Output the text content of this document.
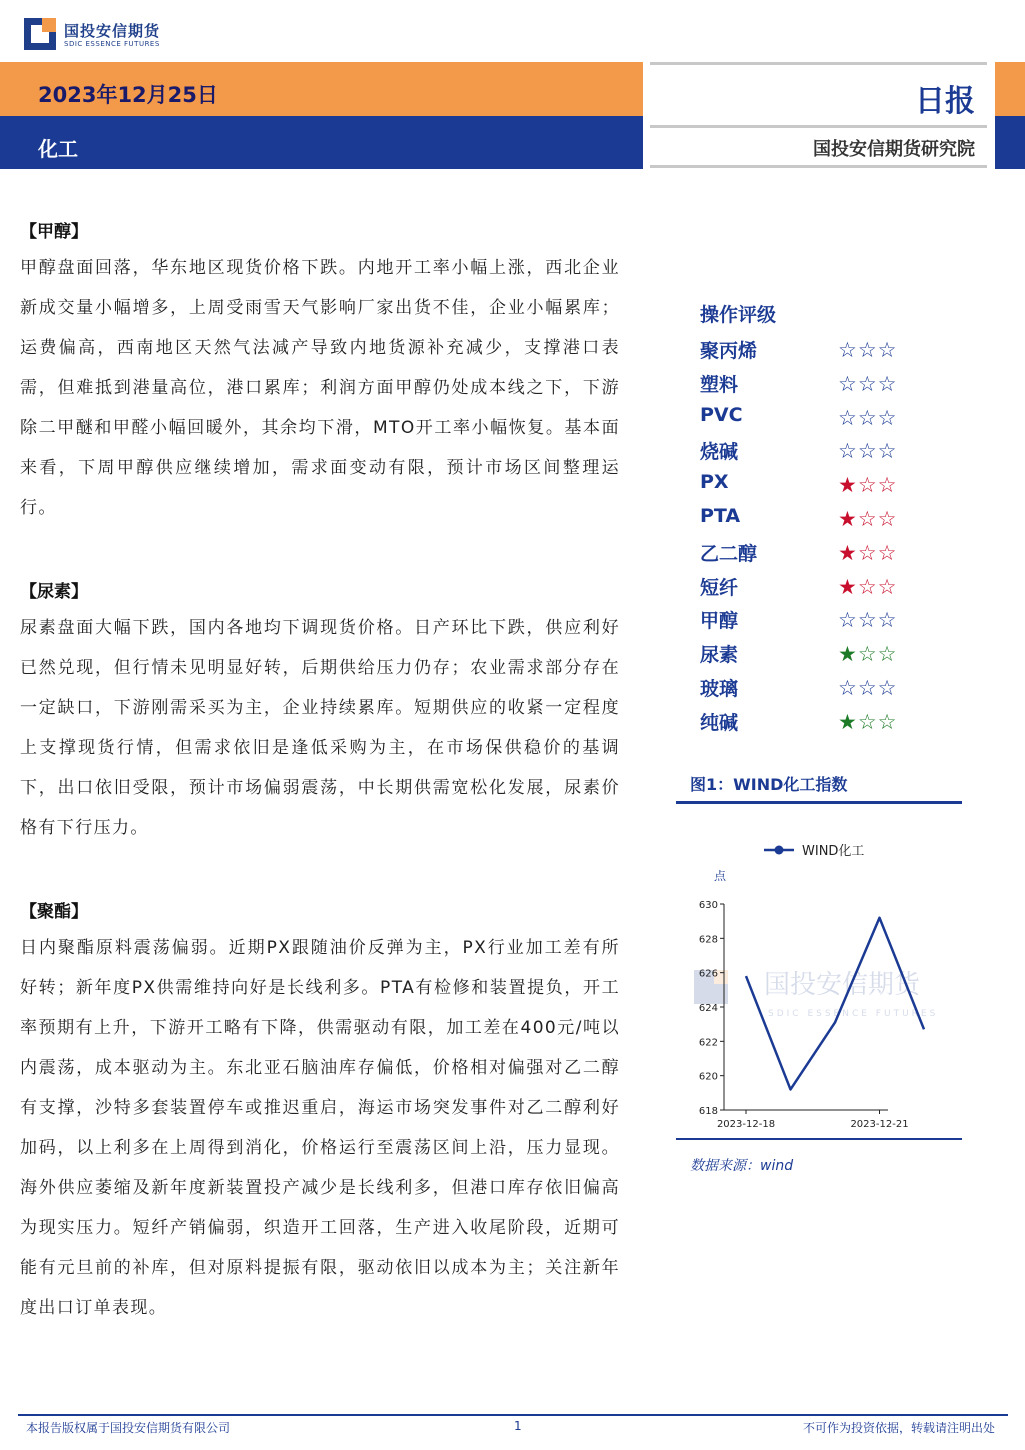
国投安信期货
SDIC ESSENCE FUTURES
2023年12月25日
化工
日报
国投安信期货研究院
【甲醇】

甲醇盘面回落，华东地区现货价格下跌。内地开工率小幅上涨，西北企业新成交量小幅增多，上周受雨雪天气影响厂家出货不佳，企业小幅累库；运费偏高，西南地区天然气法减产导致内地货源补充减少，支撑港口表需，但难抵到港量高位，港口累库；利润方面甲醇仍处成本线之下，下游除二甲醚和甲醛小幅回暖外，其余均下滑，MTO开工率小幅恢复。基本面来看，下周甲醇供应继续增加，需求面变动有限，预计市场区间整理运行。

【尿素】

尿素盘面大幅下跌，国内各地均下调现货价格。日产环比下跌，供应利好已然兑现，但行情未见明显好转，后期供给压力仍存；农业需求部分存在一定缺口，下游刚需采买为主，企业持续累库。短期供应的收紧一定程度上支撑现货行情，但需求依旧是逢低采购为主，在市场保供稳价的基调下，出口依旧受限，预计市场偏弱震荡，中长期供需宽松化发展，尿素价格有下行压力。

【聚酯】

日内聚酯原料震荡偏弱。近期PX跟随油价反弹为主，PX行业加工差有所好转；新年度PX供需维持向好是长线利多。PTA有检修和装置提负，开工率预期有上升，下游开工略有下降，供需驱动有限，加工差在400元/吨以内震荡，成本驱动为主。东北亚石脑油库存偏低，价格相对偏强对乙二醇有支撑，沙特多套装置停车或推迟重启，海运市场突发事件对乙二醇利好加码，以上利多在上周得到消化，价格运行至震荡区间上沿，压力显现。海外供应萎缩及新年度新装置投产减少是长线利多，但港口库存依旧偏高为现实压力。短纤产销偏弱，织造开工回落，生产进入收尾阶段，近期可能有元旦前的补库，但对原料提振有限，驱动依旧以成本为主；关注新年度出口订单表现。

操作评级
聚丙烯	☆☆☆
塑料	☆☆☆
PVC	☆☆☆
烧碱	☆☆☆
PX	★☆☆
PTA	★☆☆
乙二醇	★☆☆
短纤	★☆☆
甲醇	☆☆☆
尿素	★☆☆
玻璃	☆☆☆
纯碱	★☆☆
图1：WIND化工指数
国投安信期货
SDIC ESSENCE FUTURES
WIND化工
点
618
620
622
624
626
628
630
2023-12-18	2023-12-21
数据来源：wind
本报告版权属于国投安信期货有限公司	1	不可作为投资依据，转载请注明出处
